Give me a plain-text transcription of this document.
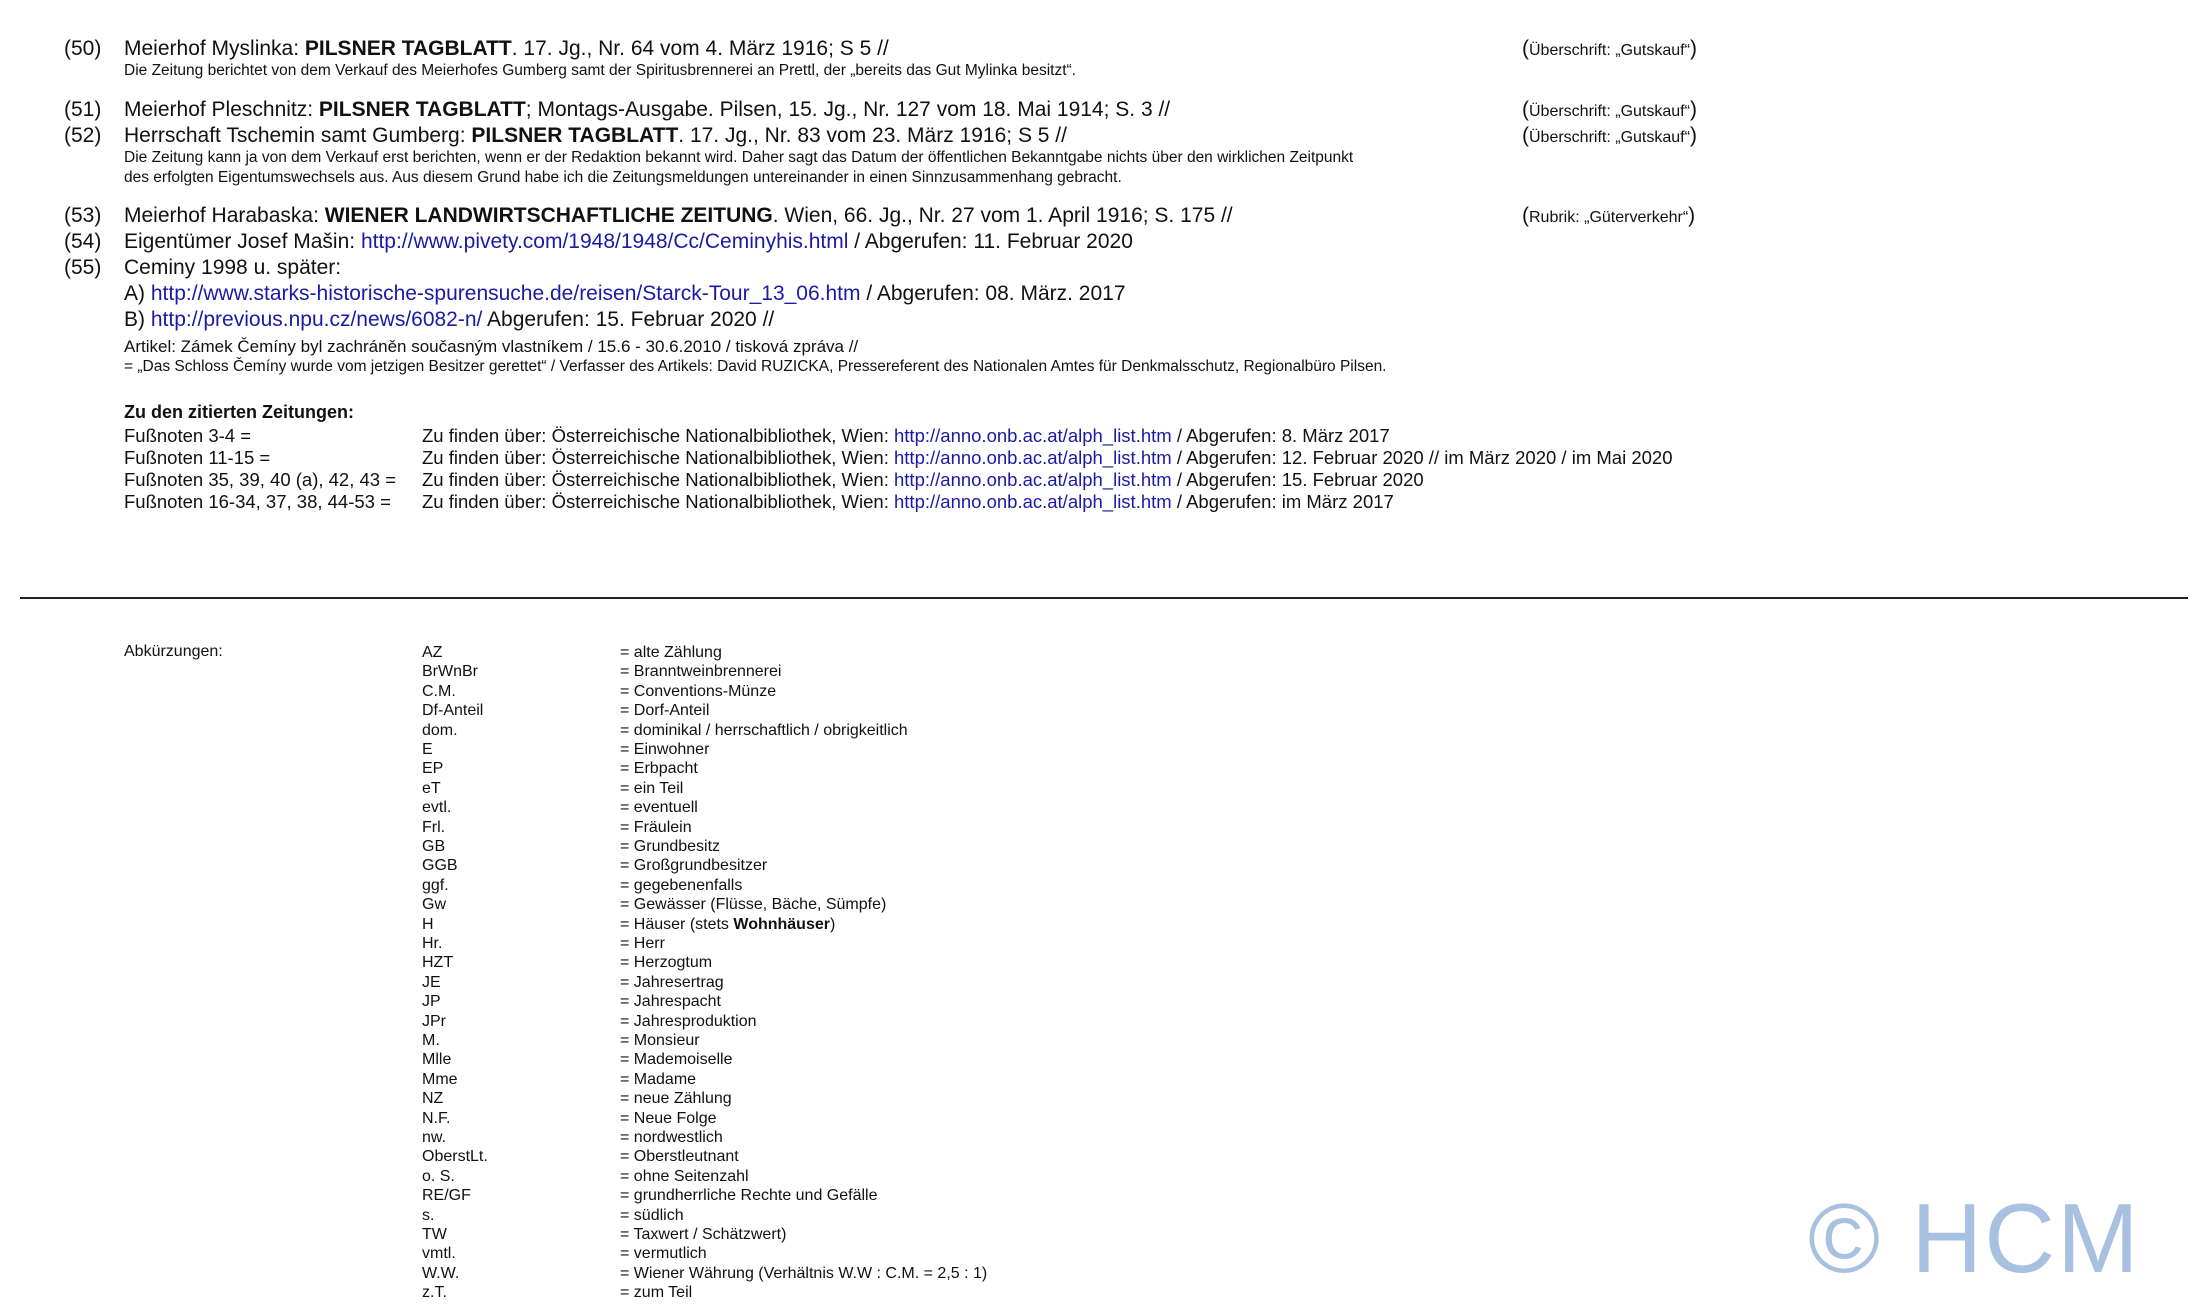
(50) Meierhof Myslinka: PILSNER TAGBLATT. 17. Jg., Nr. 64 vom 4. März 1916; S 5 //	(Überschrift: „Gutskauf“)
Die Zeitung berichtet von dem Verkauf des Meierhofes Gumberg samt der Spiritusbrennerei an Prettl, der „bereits das Gut Mylinka besitzt“.
(51) Meierhof Pleschnitz: PILSNER TAGBLATT; Montags-Ausgabe. Pilsen, 15. Jg., Nr. 127 vom 18. Mai 1914; S. 3 //	(Überschrift: „Gutskauf“)
(52) Herrschaft Tschemin samt Gumberg: PILSNER TAGBLATT. 17. Jg., Nr. 83 vom 23. März 1916; S 5 //	(Überschrift: „Gutskauf“)
Die Zeitung kann ja von dem Verkauf erst berichten, wenn er der Redaktion bekannt wird. Daher sagt das Datum der öffentlichen Bekanntgabe nichts über den wirklichen Zeitpunkt
des erfolgten Eigentumswechsels aus. Aus diesem Grund habe ich die Zeitungsmeldungen untereinander in einen Sinnzusammenhang gebracht.
(53) Meierhof Harabaska: WIENER LANDWIRTSCHAFTLICHE ZEITUNG. Wien, 66. Jg., Nr. 27 vom 1. April 1916; S. 175 //	(Rubrik: „Güterverkehr“)
(54) Eigentümer Josef Mašin: http://www.pivety.com/1948/1948/Cc/Ceminyhis.html / Abgerufen: 11. Februar 2020
(55) Ceminy 1998 u. später:
A) http://www.starks-historische-spurensuche.de/reisen/Starck-Tour_13_06.htm / Abgerufen: 08. März. 2017
B) http://previous.npu.cz/news/6082-n/ Abgerufen: 15. Februar 2020 //
Artikel: Zámek Čemíny byl zachráněn současným vlastníkem / 15.6 - 30.6.2010 / tisková zpráva //
= „Das Schloss Čemíny wurde vom jetzigen Besitzer gerettet“ / Verfasser des Artikels: David RUZICKA, Pressereferent des Nationalen Amtes für Denkmalsschutz, Regionalbüro Pilsen.
Zu den zitierten Zeitungen:
Fußnoten 3-4 =	Zu finden über: Österreichische Nationalbibliothek, Wien: http://anno.onb.ac.at/alph_list.htm / Abgerufen: 8. März 2017
Fußnoten 11-15 =	Zu finden über: Österreichische Nationalbibliothek, Wien: http://anno.onb.ac.at/alph_list.htm / Abgerufen: 12. Februar 2020 // im März 2020 / im Mai 2020
Fußnoten 35, 39, 40 (a), 42, 43 = Zu finden über: Österreichische Nationalbibliothek, Wien: http://anno.onb.ac.at/alph_list.htm / Abgerufen: 15. Februar 2020
Fußnoten 16-34, 37, 38, 44-53 = Zu finden über: Österreichische Nationalbibliothek, Wien: http://anno.onb.ac.at/alph_list.htm / Abgerufen: im März 2017
Abkürzungen:	AZ	= alte Zählung
BrWnBr	= Branntweinbrennerei
C.M.	= Conventions-Münze
Df-Anteil	= Dorf-Anteil
dom.	= dominikal / herrschaftlich / obrigkeitlich
E	= Einwohner
EP	= Erbpacht
eT	= ein Teil
evtl.	= eventuell
Frl.	= Fräulein
GB	= Grundbesitz
GGB	= Großgrundbesitzer
ggf.	= gegebenenfalls
Gw	= Gewässer (Flüsse, Bäche, Sümpfe)
H	= Häuser (stets Wohnhäuser)
Hr.	= Herr
HZT	= Herzogtum
JE	= Jahresertrag
JP	= Jahrespacht
JPr	= Jahresproduktion
M.	= Monsieur
Mlle	= Mademoiselle
Mme	= Madame
NZ	= neue Zählung
N.F.	= Neue Folge
nw.	= nordwestlich
OberstLt.	= Oberstleutnant
o. S.	= ohne Seitenzahl
RE/GF	= grundherrliche Rechte und Gefälle
s.	= südlich
TW	= Taxwert / Schätzwert)
vmtl.	= vermutlich
W.W.	= Wiener Währung (Verhältnis W.W : C.M. = 2,5 : 1)
z.T.	= zum Teil	© HCM
